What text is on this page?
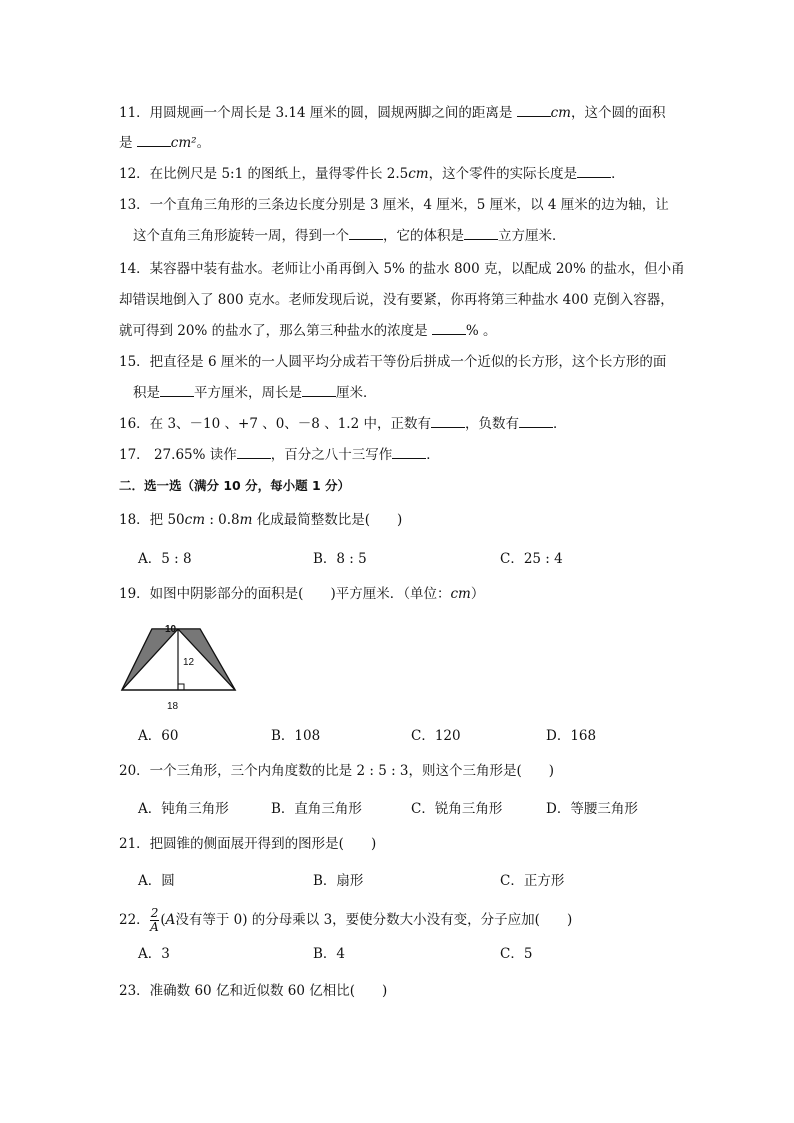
11．用圆规画一个周长是 3.14 厘米的圆，圆规两脚之间的距离是	cm，这个圆的面积
是	cm²。
12．在比例尺是 5:1 的图纸上，量得零件长 2.5cm，这个零件的实际长度是	．
13．一个直角三角形的三条边长度分别是 3 厘米，4 厘米，5 厘米，以 4 厘米的边为轴，让
这个直角三角形旋转一周，得到一个	，它的体积是	立方厘米．
14．某容器中装有盐水。老师让小甬再倒入 5% 的盐水 800 克，以配成 20% 的盐水，但小甬
却错误地倒入了 800 克水。老师发现后说，没有要紧，你再将第三种盐水 400 克倒入容器，
就可得到 20% 的盐水了，那么第三种盐水的浓度是	% 。
15．把直径是 6 厘米的一人圆平均分成若干等份后拼成一个近似的长方形，这个长方形的面
积是	平方厘米，周长是	厘米．
16．在 3、－10 、+7 、0、－8 、1.2 中，正数有	，负数有	．
17． 27.65% 读作	，百分之八十三写作	．
二．选一选（满分 10 分，每小题 1 分）
18．把 50cm : 0.8m 化成最简整数比是(　　)
A．5 : 8	B．8 : 5	C．25 : 4
19．如图中阴影部分的面积是(　　)平方厘米．（单位：cm）
10
12
18
A．60	B．108	C．120	D．168
20．一个三角形，三个内角度数的比是 2 : 5 : 3，则这个三角形是(　　)
A．钝角三角形	B．直角三角形	C．锐角三角形	D．等腰三角形
21．把圆锥的侧面展开得到的图形是(　　)
A．圆	B．扇形	C．正方形
22． $\frac{2}{A} (A$没有等于 0) 的分母乘以 3，要使分数大小没有变，分子应加(　　)
A．3	B．4	C．5
23．准确数 60 亿和近似数 60 亿相比(　　)
